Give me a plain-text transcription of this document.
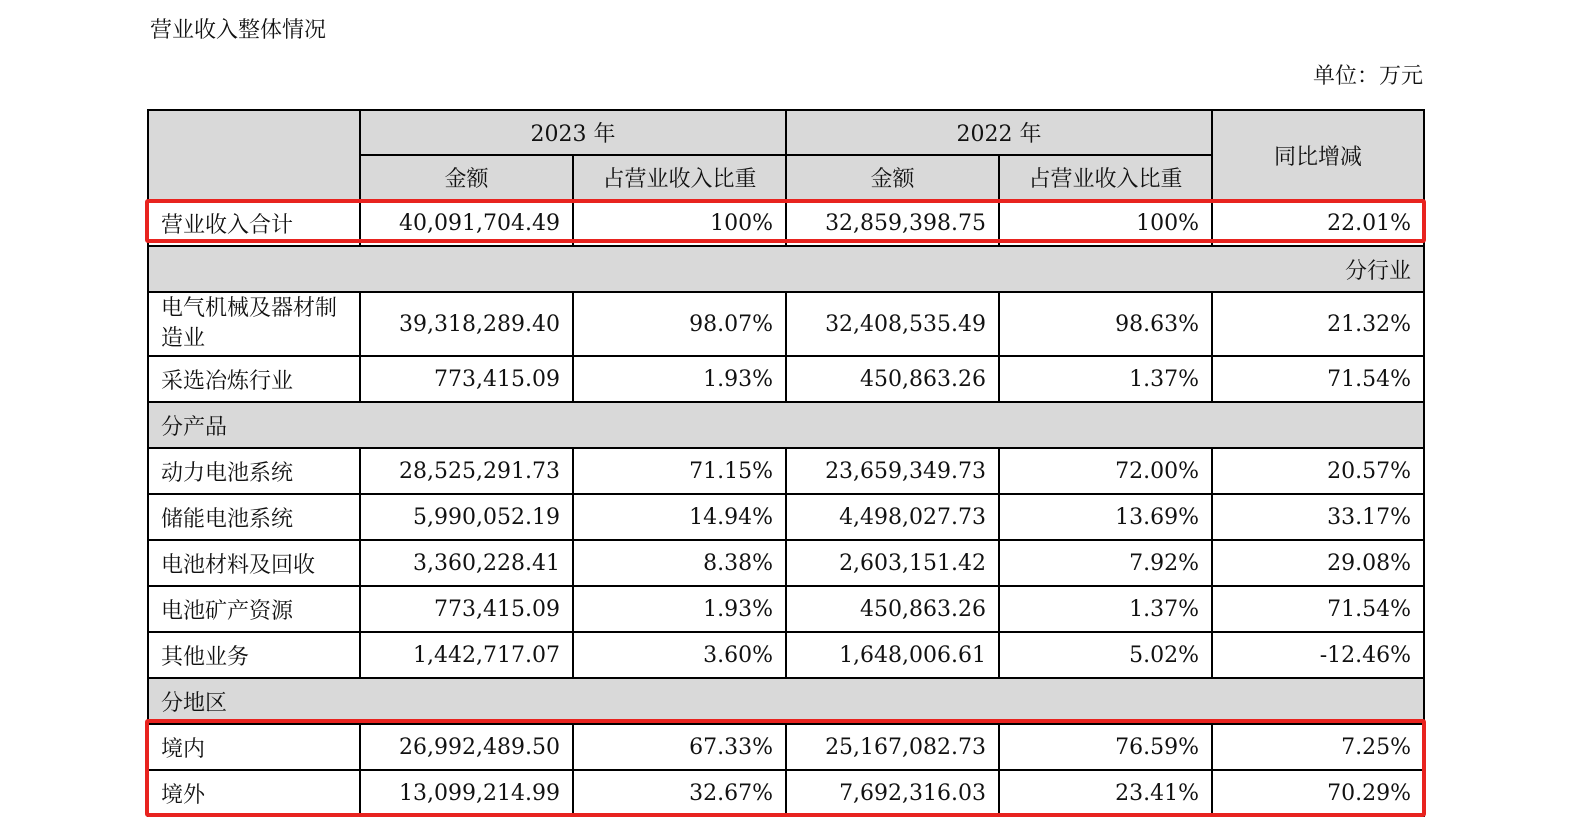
营业收入整体情况
单位：万元
	2023 年		2022 年		同比增减
	金额	占营业收入比重	金额	占营业收入比重	
营业收入合计	40,091,704.49	100%	32,859,398.75	100%	22.01%
分行业					
电气机械及器材制造业	39,318,289.40	98.07%	32,408,535.49	98.63%	21.32%
采选冶炼行业	773,415.09	1.93%	450,863.26	1.37%	71.54%
分产品					
动力电池系统	28,525,291.73	71.15%	23,659,349.73	72.00%	20.57%
储能电池系统	5,990,052.19	14.94%	4,498,027.73	13.69%	33.17%
电池材料及回收	3,360,228.41	8.38%	2,603,151.42	7.92%	29.08%
电池矿产资源	773,415.09	1.93%	450,863.26	1.37%	71.54%
其他业务	1,442,717.07	3.60%	1,648,006.61	5.02%	-12.46%
分地区					
境内	26,992,489.50	67.33%	25,167,082.73	76.59%	7.25%
境外	13,099,214.99	32.67%	7,692,316.03	23.41%	70.29%
